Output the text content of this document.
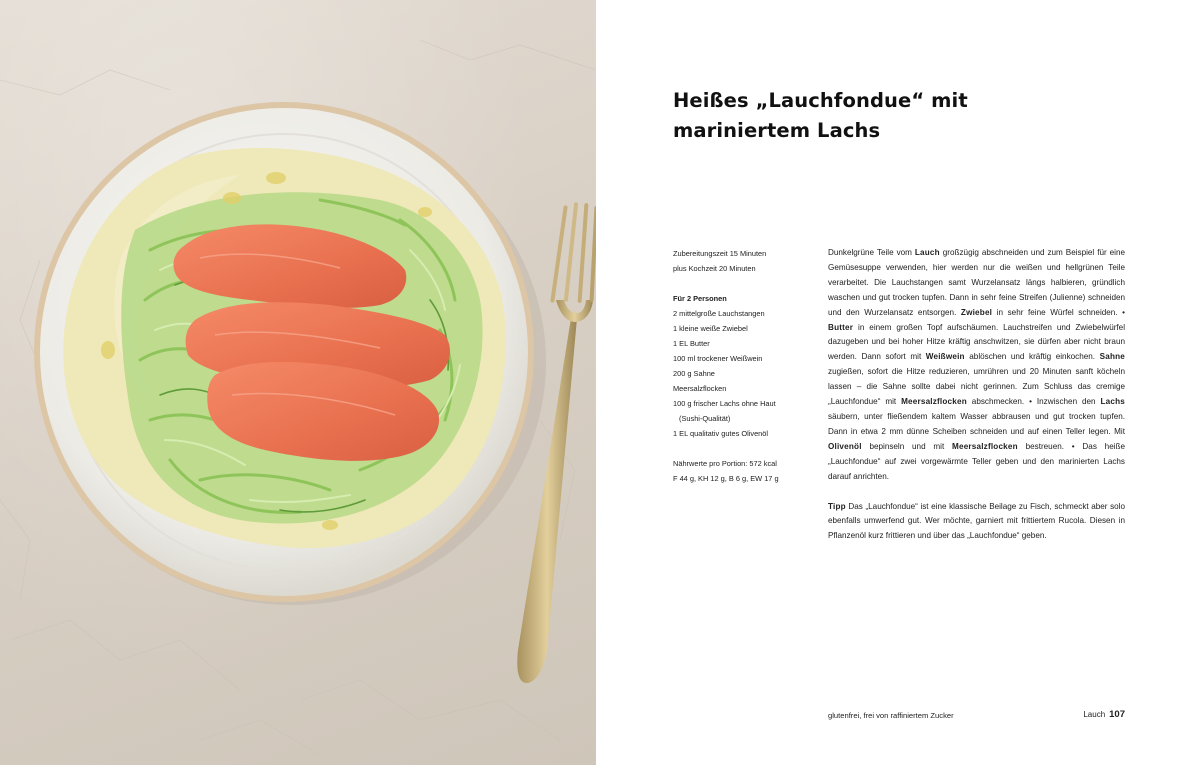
Heißes „Lauchfondue“ mit
mariniertem Lachs
Zubereitungszeit 15 Minuten
plus Kochzeit 20 Minuten
Für 2 Personen
2 mittelgroße Lauchstangen
1 kleine weiße Zwiebel
1 EL Butter
100 ml trockener Weißwein
200 g Sahne
Meersalzflocken
100 g frischer Lachs ohne Haut
(Sushi-Qualität)
1 EL qualitativ gutes Olivenöl
Nährwerte pro Portion: 572 kcal
F 44 g, KH 12 g, B 6 g, EW 17 g

Dunkelgrüne Teile vom Lauch großzügig abschneiden und zum Beispiel für eine Gemüsesuppe verwenden, hier werden nur die weißen und hellgrünen Teile verarbeitet. Die Lauchstangen samt Wurzelansatz längs halbieren, gründlich waschen und gut trocken tupfen. Dann in sehr feine Streifen (Julienne) schneiden und den Wurzelansatz entsorgen. Zwiebel in sehr feine Würfel schneiden. • Butter in einem großen Topf aufschäumen. Lauchstreifen und Zwiebelwürfel dazugeben und bei hoher Hitze kräftig anschwitzen, sie dürfen aber nicht braun werden. Dann sofort mit Weißwein ablöschen und kräftig einkochen. Sahne zugießen, sofort die Hitze reduzieren, umrühren und 20 Minuten sanft köcheln lassen – die Sahne sollte dabei nicht gerinnen. Zum Schluss das cremige „Lauchfondue“ mit Meersalzflocken abschmecken. • Inzwischen den Lachs säubern, unter fließendem kaltem Wasser abbrausen und gut trocken tupfen. Dann in etwa 2 mm dünne Scheiben schneiden und auf einen Teller legen. Mit Olivenöl bepinseln und mit Meersalzflocken bestreuen. • Das heiße „Lauchfondue“ auf zwei vorgewärmte Teller geben und den marinierten Lachs darauf anrichten.

Tipp Das „Lauchfondue“ ist eine klassische Beilage zu Fisch, schmeckt aber solo ebenfalls umwerfend gut. Wer möchte, garniert mit frittiertem Rucola. Diesen in Pflanzenöl kurz frittieren und über das „Lauchfondue“ geben.

glutenfrei, frei von raffiniertem Zucker	Lauch 107
